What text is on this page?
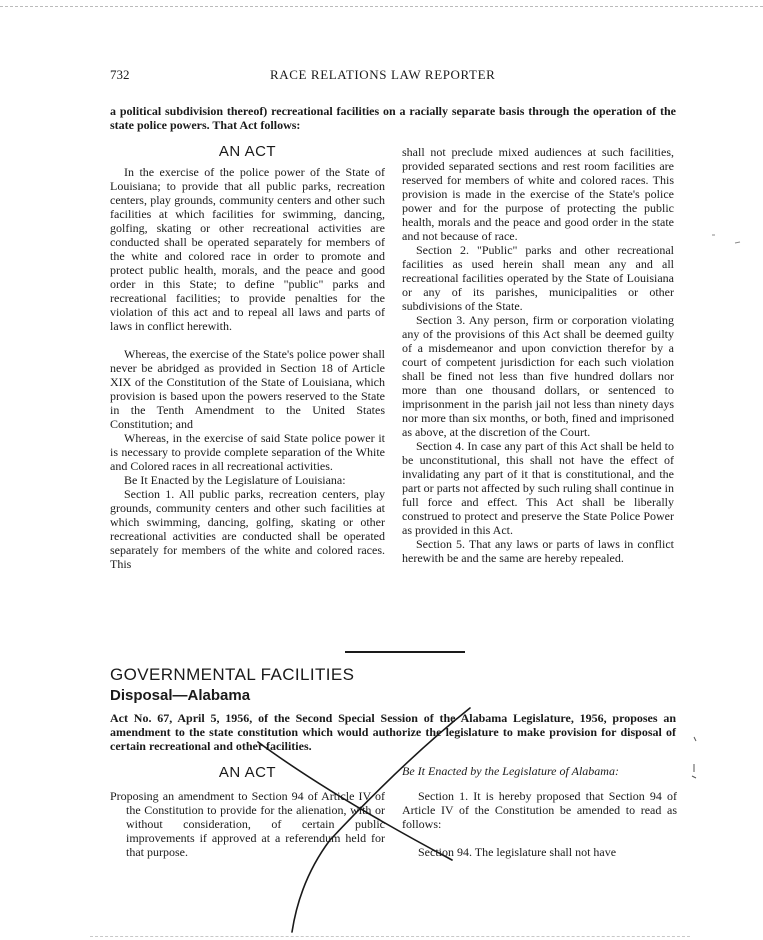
732	RACE RELATIONS LAW REPORTER
a political subdivision thereof) recreational facilities on a racially separate basis through the operation of the state police powers. That Act follows:
AN ACT

In the exercise of the police power of the State of Louisiana; to provide that all public parks, recreation centers, play grounds, community centers and other such facilities at which facilities for swimming, dancing, golfing, skating or other recreational activities are conducted shall be operated separately for members of the white and colored race in order to promote and protect public health, morals, and the peace and good order in this State; to define "public" parks and recreational facilities; to provide penalties for the violation of this act and to repeal all laws and parts of laws in conflict herewith.

Whereas, the exercise of the State's police power shall never be abridged as provided in Section 18 of Article XIX of the Constitution of the State of Louisiana, which provision is based upon the powers reserved to the State in the Tenth Amendment to the United States Constitution; and

Whereas, in the exercise of said State police power it is necessary to provide complete separation of the White and Colored races in all recreational activities.

Be It Enacted by the Legislature of Louisiana:

Section 1. All public parks, recreation centers, play grounds, community centers and other such facilities at which swimming, dancing, golfing, skating or other recreational activities are conducted shall be operated separately for members of the white and colored races. This

shall not preclude mixed audiences at such facilities, provided separated sections and rest room facilities are reserved for members of white and colored races. This provision is made in the exercise of the State's police power and for the purpose of protecting the public health, morals and the peace and good order in the state and not because of race.

Section 2. "Public" parks and other recreational facilities as used herein shall mean any and all recreational facilities operated by the State of Louisiana or any of its parishes, municipalities or other subdivisions of the State.

Section 3. Any person, firm or corporation violating any of the provisions of this Act shall be deemed guilty of a misdemeanor and upon conviction therefor by a court of competent jurisdiction for each such violation shall be fined not less than five hundred dollars nor more than one thousand dollars, or sentenced to imprisonment in the parish jail not less than ninety days nor more than six months, or both, fined and imprisoned as above, at the discretion of the Court.

Section 4. In case any part of this Act shall be held to be unconstitutional, this shall not have the effect of invalidating any part of it that is constitutional, and the part or parts not affected by such ruling shall continue in full force and effect. This Act shall be liberally construed to protect and preserve the State Police Power as provided in this Act.

Section 5. That any laws or parts of laws in conflict herewith be and the same are hereby repealed.

GOVERNMENTAL FACILITIES
Disposal—Alabama
Act No. 67, April 5, 1956, of the Second Special Session of the Alabama Legislature, 1956, proposes an amendment to the state constitution which would authorize the legislature to make provision for disposal of certain recreational and other facilities.
AN ACT
Proposing an amendment to Section 94 of Article IV of the Constitution to provide for the alienation, with or without consideration, of certain public improvements if approved at a referendum held for that purpose.
Be It Enacted by the Legislature of Alabama:

Section 1. It is hereby proposed that Section 94 of Article IV of the Constitution be amended to read as follows:

Section 94. The legislature shall not have
